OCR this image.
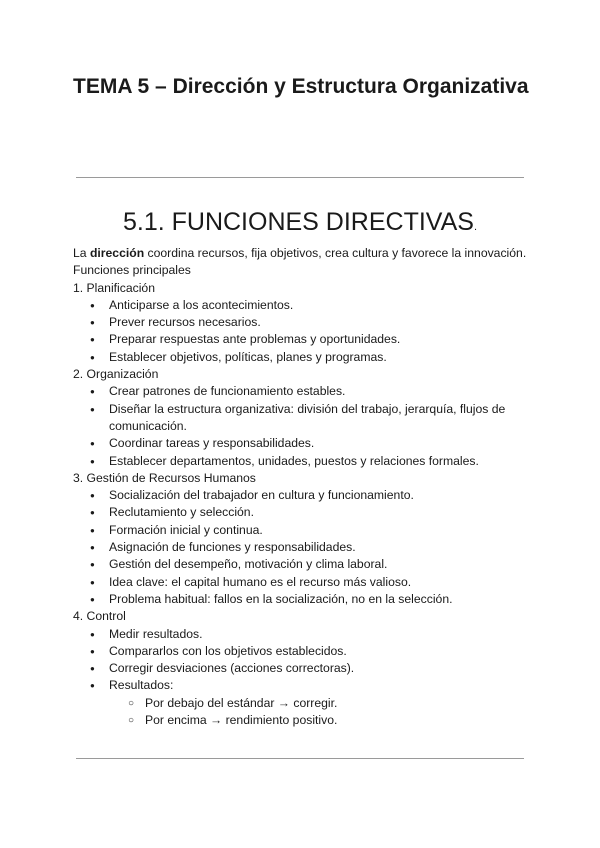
TEMA 5 – Dirección y Estructura Organizativa
5.1. FUNCIONES DIRECTIVAS.

La dirección coordina recursos, fija objetivos, crea cultura y favorece la innovación.

Funciones principales

1. Planificación

● Anticiparse a los acontecimientos.
● Prever recursos necesarios.
● Preparar respuestas ante problemas y oportunidades.
● Establecer objetivos, políticas, planes y programas.

2. Organización

● Crear patrones de funcionamiento estables.
● Diseñar la estructura organizativa: división del trabajo, jerarquía, flujos de comunicación.
● Coordinar tareas y responsabilidades.
● Establecer departamentos, unidades, puestos y relaciones formales.

3. Gestión de Recursos Humanos

● Socialización del trabajador en cultura y funcionamiento.
● Reclutamiento y selección.
● Formación inicial y continua.
● Asignación de funciones y responsabilidades.
● Gestión del desempeño, motivación y clima laboral.
● Idea clave: el capital humano es el recurso más valioso.
● Problema habitual: fallos en la socialización, no en la selección.

4. Control

● Medir resultados.
● Compararlos con los objetivos establecidos.
● Corregir desviaciones (acciones correctoras).
● Resultados:
○ Por debajo del estándar → corregir.
○ Por encima → rendimiento positivo.
